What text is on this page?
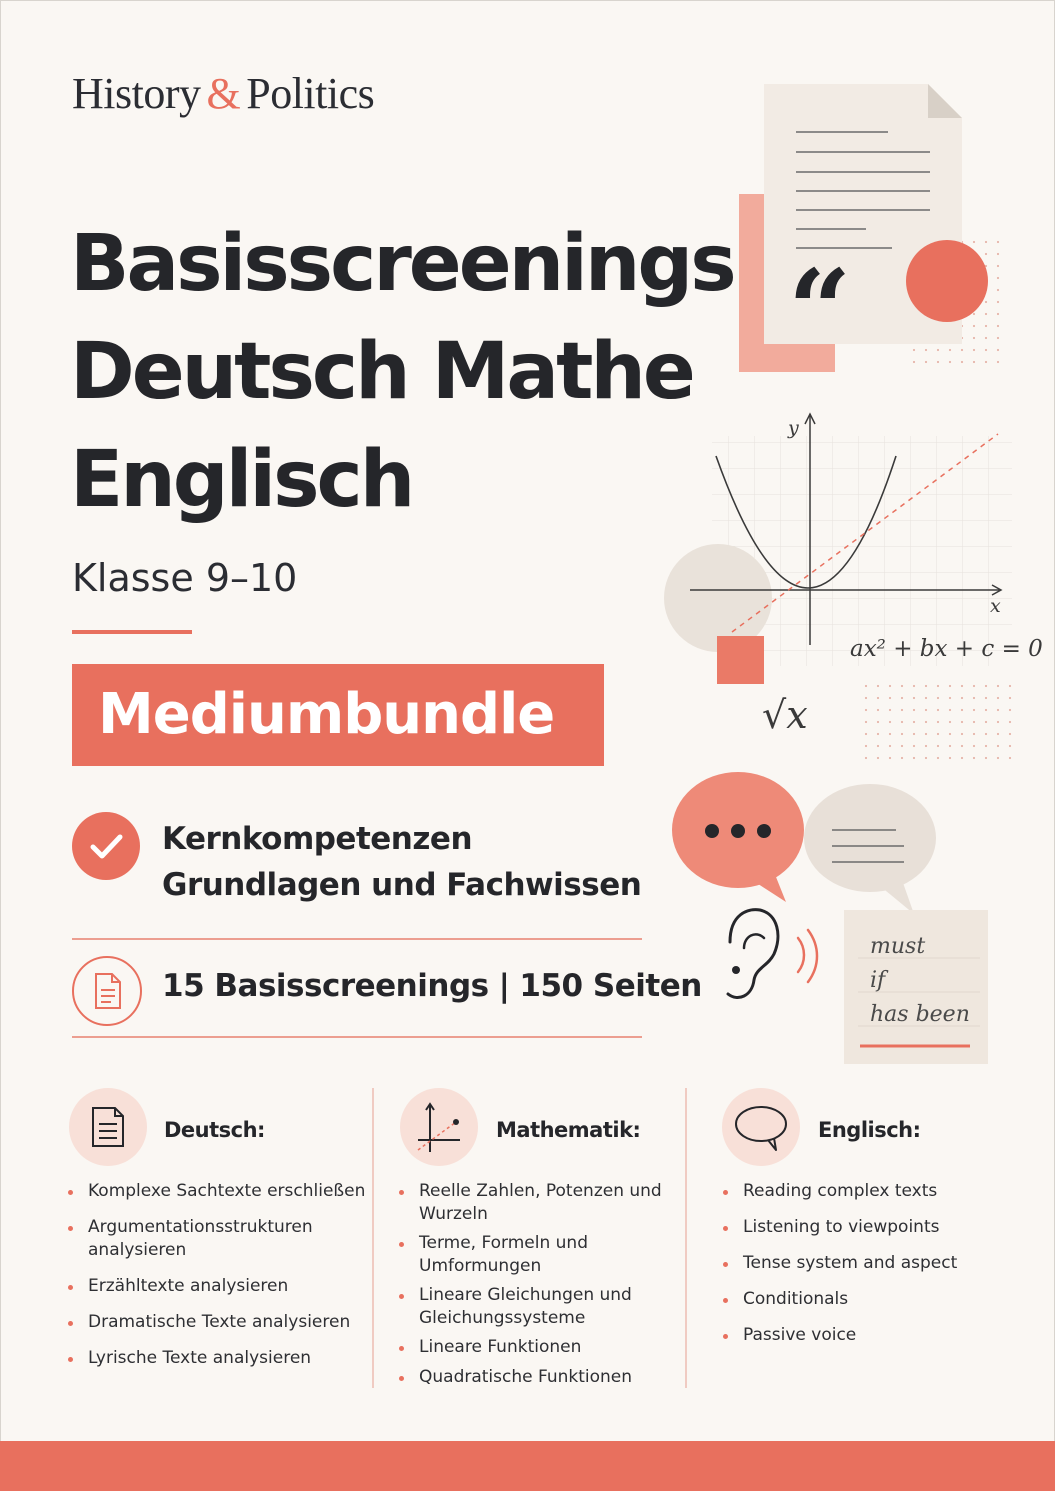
History & Politics
Basisscreenings
Deutsch Mathe
Englisch
Klasse 9–10
Mediumbundle
Kernkompetenzen
Grundlagen und Fachwissen
15 Basisscreenings | 150 Seiten
“
y
x
ax² + bx + c = 0
√x
must
if
has been
Deutsch:
Komplexe Sachtexte erschließen
Argumentationsstrukturen analysieren
Erzähltexte analysieren
Dramatische Texte analysieren
Lyrische Texte analysieren
Mathematik:
Reelle Zahlen, Potenzen und Wurzeln
Terme, Formeln und Umformungen
Lineare Gleichungen und Gleichungssysteme
Lineare Funktionen
Quadratische Funktionen
Englisch:
Reading complex texts
Listening to viewpoints
Tense system and aspect
Conditionals
Passive voice
